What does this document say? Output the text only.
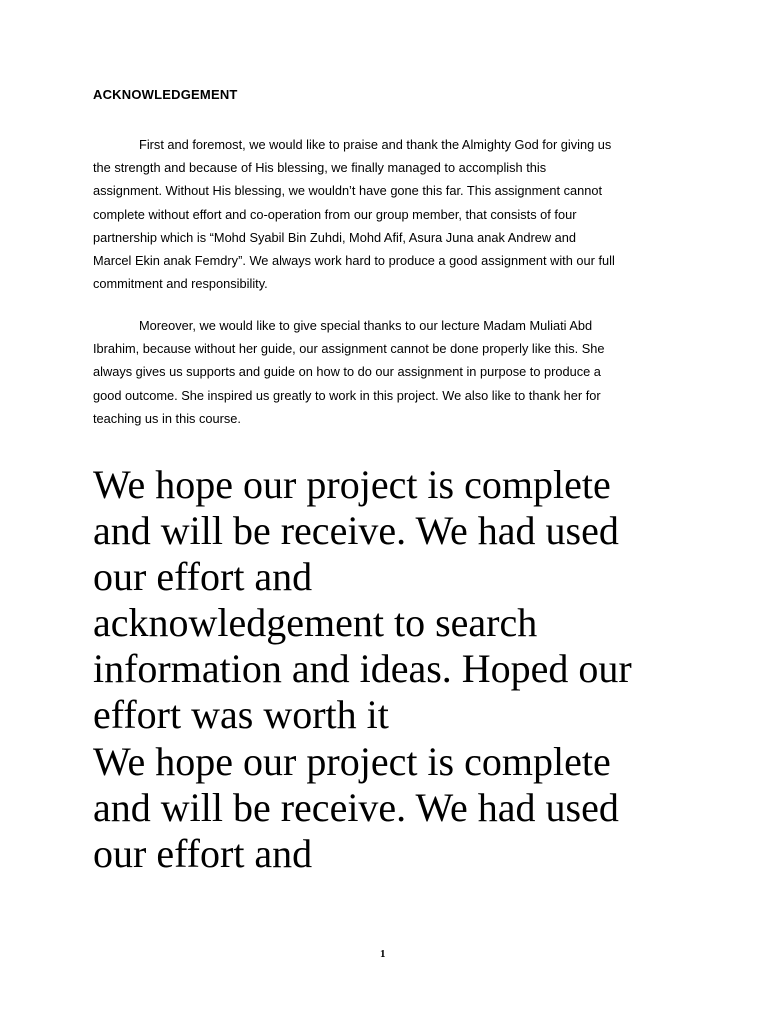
ACKNOWLEDGEMENT
First and foremost, we would like to praise and thank the Almighty God for giving us
the strength and because of His blessing, we finally managed to accomplish this
assignment. Without His blessing, we wouldn’t have gone this far. This assignment cannot
complete without effort and co-operation from our group member, that consists of four
partnership which is “Mohd Syabil Bin Zuhdi, Mohd Afif, Asura Juna anak Andrew and
Marcel Ekin anak Femdry”. We always work hard to produce a good assignment with our full
commitment and responsibility.
Moreover, we would like to give special thanks to our lecture Madam Muliati Abd
Ibrahim, because without her guide, our assignment cannot be done properly like this. She
always gives us supports and guide on how to do our assignment in purpose to produce a
good outcome. She inspired us greatly to work in this project. We also like to thank her for
teaching us in this course.
We hope our project is complete
and will be receive. We had used
our effort and
acknowledgement to search
information and ideas. Hoped our
effort was worth it
We hope our project is complete
and will be receive. We had used
our effort and
1
